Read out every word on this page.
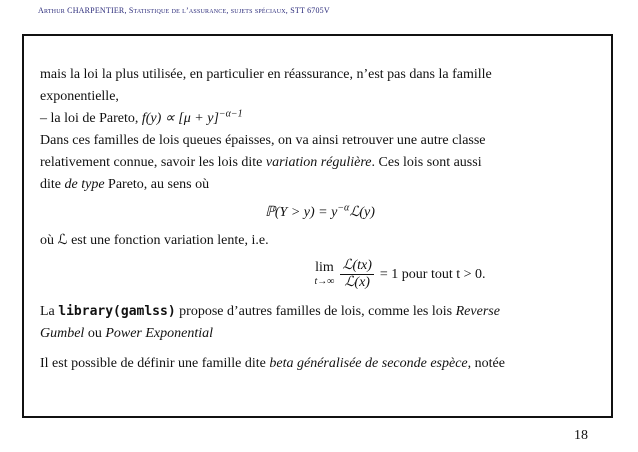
Arthur CHARPENTIER, Statistique de l’assurance, sujets spéciaux, STT 6705V

mais la loi la plus utilisée, en particulier en réassurance, n’est pas dans la famille

exponentielle,

– la loi de Pareto, $f(y) \propto [\mu + y]^{-\alpha-1}$

Dans ces familles de lois queues épaisses, on va ainsi retrouver une autre classe

relativement connue, savoir les lois dite variation régulière. Ces lois sont aussi

dite de type Pareto, au sens où

ℙ(Y > $y) = y^{-\alpha}ℒ(y)$

où ℒ est une fonction variation lente, i.e.

lim
$t\to\infty \frac{\text{ℒ(tx)}}{\text{ℒ(x)}} = 1$ pour tout t > 0.

La library(gamlss) propose d’autres familles de lois, comme les lois Reverse

Gumbel ou Power Exponential

Il est possible de définir une famille dite beta généralisée de seconde espèce, notée

18
